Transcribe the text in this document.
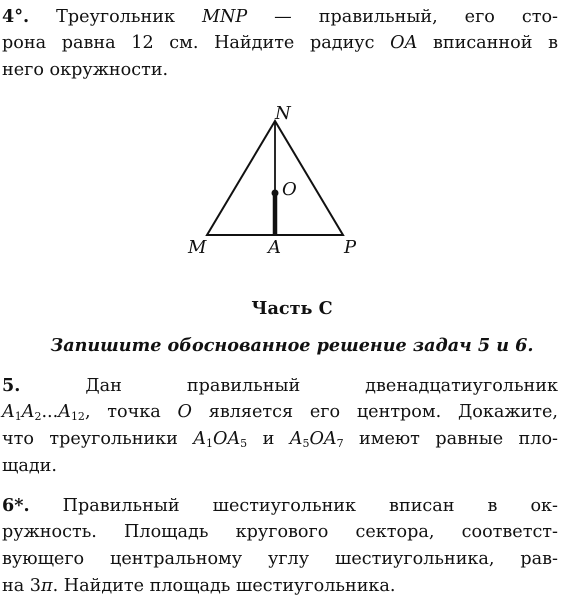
4°. Треугольник MNP — правильный, его сто-
рона равна 12 см. Найдите радиус OA вписанной в
него окружности.
N
O
M	A	P
Часть С
Запишите обоснованное решение задач 5 и 6.
5. Дан правильный двенадцатиугольник
$A_1A_2...A_{12}$, точка O является его центром. Докажите,
что треугольники $A_1OA_5$ и $A_5OA_7$ имеют равные пло-
щади.
6*. Правильный шестиугольник вписан в ок-
ружность. Площадь кругового сектора, соответст-
вующего центральному углу шестиугольника, рав-
на 3π. Найдите площадь шестиугольника.
